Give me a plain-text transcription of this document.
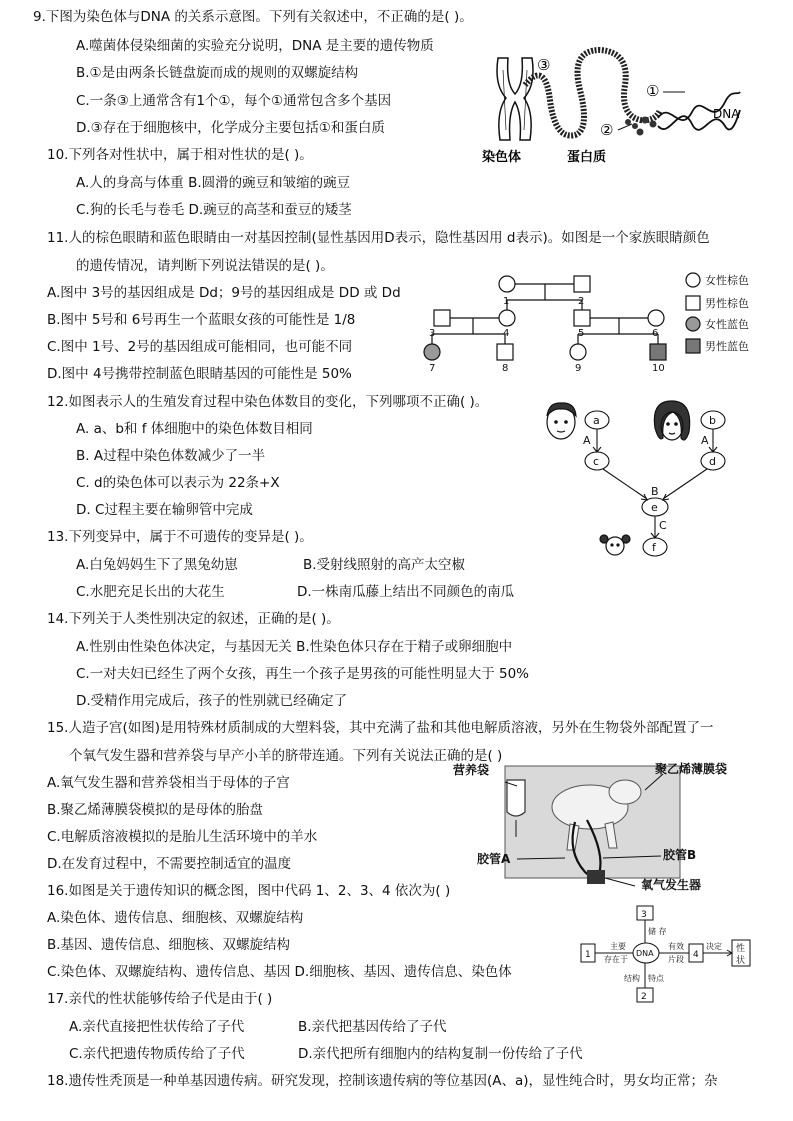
9.下图为染色体与DNA 的关系示意图。下列有关叙述中，不正确的是( )。
A.噬菌体侵染细菌的实验充分说明，DNA 是主要的遗传物质
B.①是由两条长链盘旋而成的规则的双螺旋结构
C.一条③上通常含有1个①，每个①通常包含多个基因
D.③存在于细胞核中，化学成分主要包括①和蛋白质
③
①
②
DNA
染色体	蛋白质
10.下列各对性状中，属于相对性状的是( )。
A.人的身高与体重 B.圆滑的豌豆和皱缩的豌豆
C.狗的长毛与卷毛 D.豌豆的高茎和蚕豆的矮茎
11.人的棕色眼睛和蓝色眼睛由一对基因控制(显性基因用D表示，隐性基因用 d表示)。如图是一个家族眼睛颜色
的遗传情况，请判断下列说法错误的是( )。
A.图中 3号的基因组成是 Dd；9号的基因组成是 DD 或 Dd
B.图中 5号和 6号再生一个蓝眼女孩的可能性是 1/8
C.图中 1号、2号的基因组成可能相同，也可能不同
D.图中 4号携带控制蓝色眼睛基因的可能性是 50%
1	2
3	4	5	6
7	8	9	10
女性棕色
男性棕色
女性蓝色
男性蓝色
12.如图表示人的生殖发育过程中染色体数目的变化，下列哪项不正确( )。
A. a、b和 f 体细胞中的染色体数目相同
B. A过程中染色体数减少了一半
C. d的染色体可以表示为 22条+X
D. C过程主要在输卵管中完成
a	b
c	d
e
f
A	A
B
C
13.下列变异中，属于不可遗传的变异是( )。
A.白兔妈妈生下了黑兔幼崽	B.受射线照射的高产太空椒
C.水肥充足长出的大花生	D.一株南瓜藤上结出不同颜色的南瓜
14.下列关于人类性别决定的叙述，正确的是( )。
A.性别由性染色体决定，与基因无关 B.性染色体只存在于精子或卵细胞中
C.一对夫妇已经生了两个女孩，再生一个孩子是男孩的可能性明显大于 50%
D.受精作用完成后，孩子的性别就已经确定了
15.人造子宫(如图)是用特殊材质制成的大塑料袋，其中充满了盐和其他电解质溶液，另外在生物袋外部配置了一
个氧气发生器和营养袋与早产小羊的脐带连通。下列有关说法正确的是( )
A.氧气发生器和营养袋相当于母体的子宫
B.聚乙烯薄膜袋模拟的是母体的胎盘
C.电解质溶液模拟的是胎儿生活环境中的羊水
D.在发育过程中，不需要控制适宜的温度
聚乙烯薄膜袋
营养袋
胶管A	胶管B
氧气发生器
16.如图是关于遗传知识的概念图，图中代码 1、2、3、4 依次为( )
A.染色体、遗传信息、细胞核、双螺旋结构
B.基因、遗传信息、细胞核、双螺旋结构
C.染色体、双螺旋结构、遗传信息、基因 D.细胞核、基因、遗传信息、染色体
3
1	4
2
DNA
储 存
主要
存在于
有效
片段
决定 性
状
结构 特点
17.亲代的性状能够传给子代是由于( )
A.亲代直接把性状传给了子代	B.亲代把基因传给了子代
C.亲代把遗传物质传给了子代	D.亲代把所有细胞内的结构复制一份传给了子代
18.遗传性秃顶是一种单基因遗传病。研究发现，控制该遗传病的等位基因(A、a)，显性纯合时，男女均正常；杂
